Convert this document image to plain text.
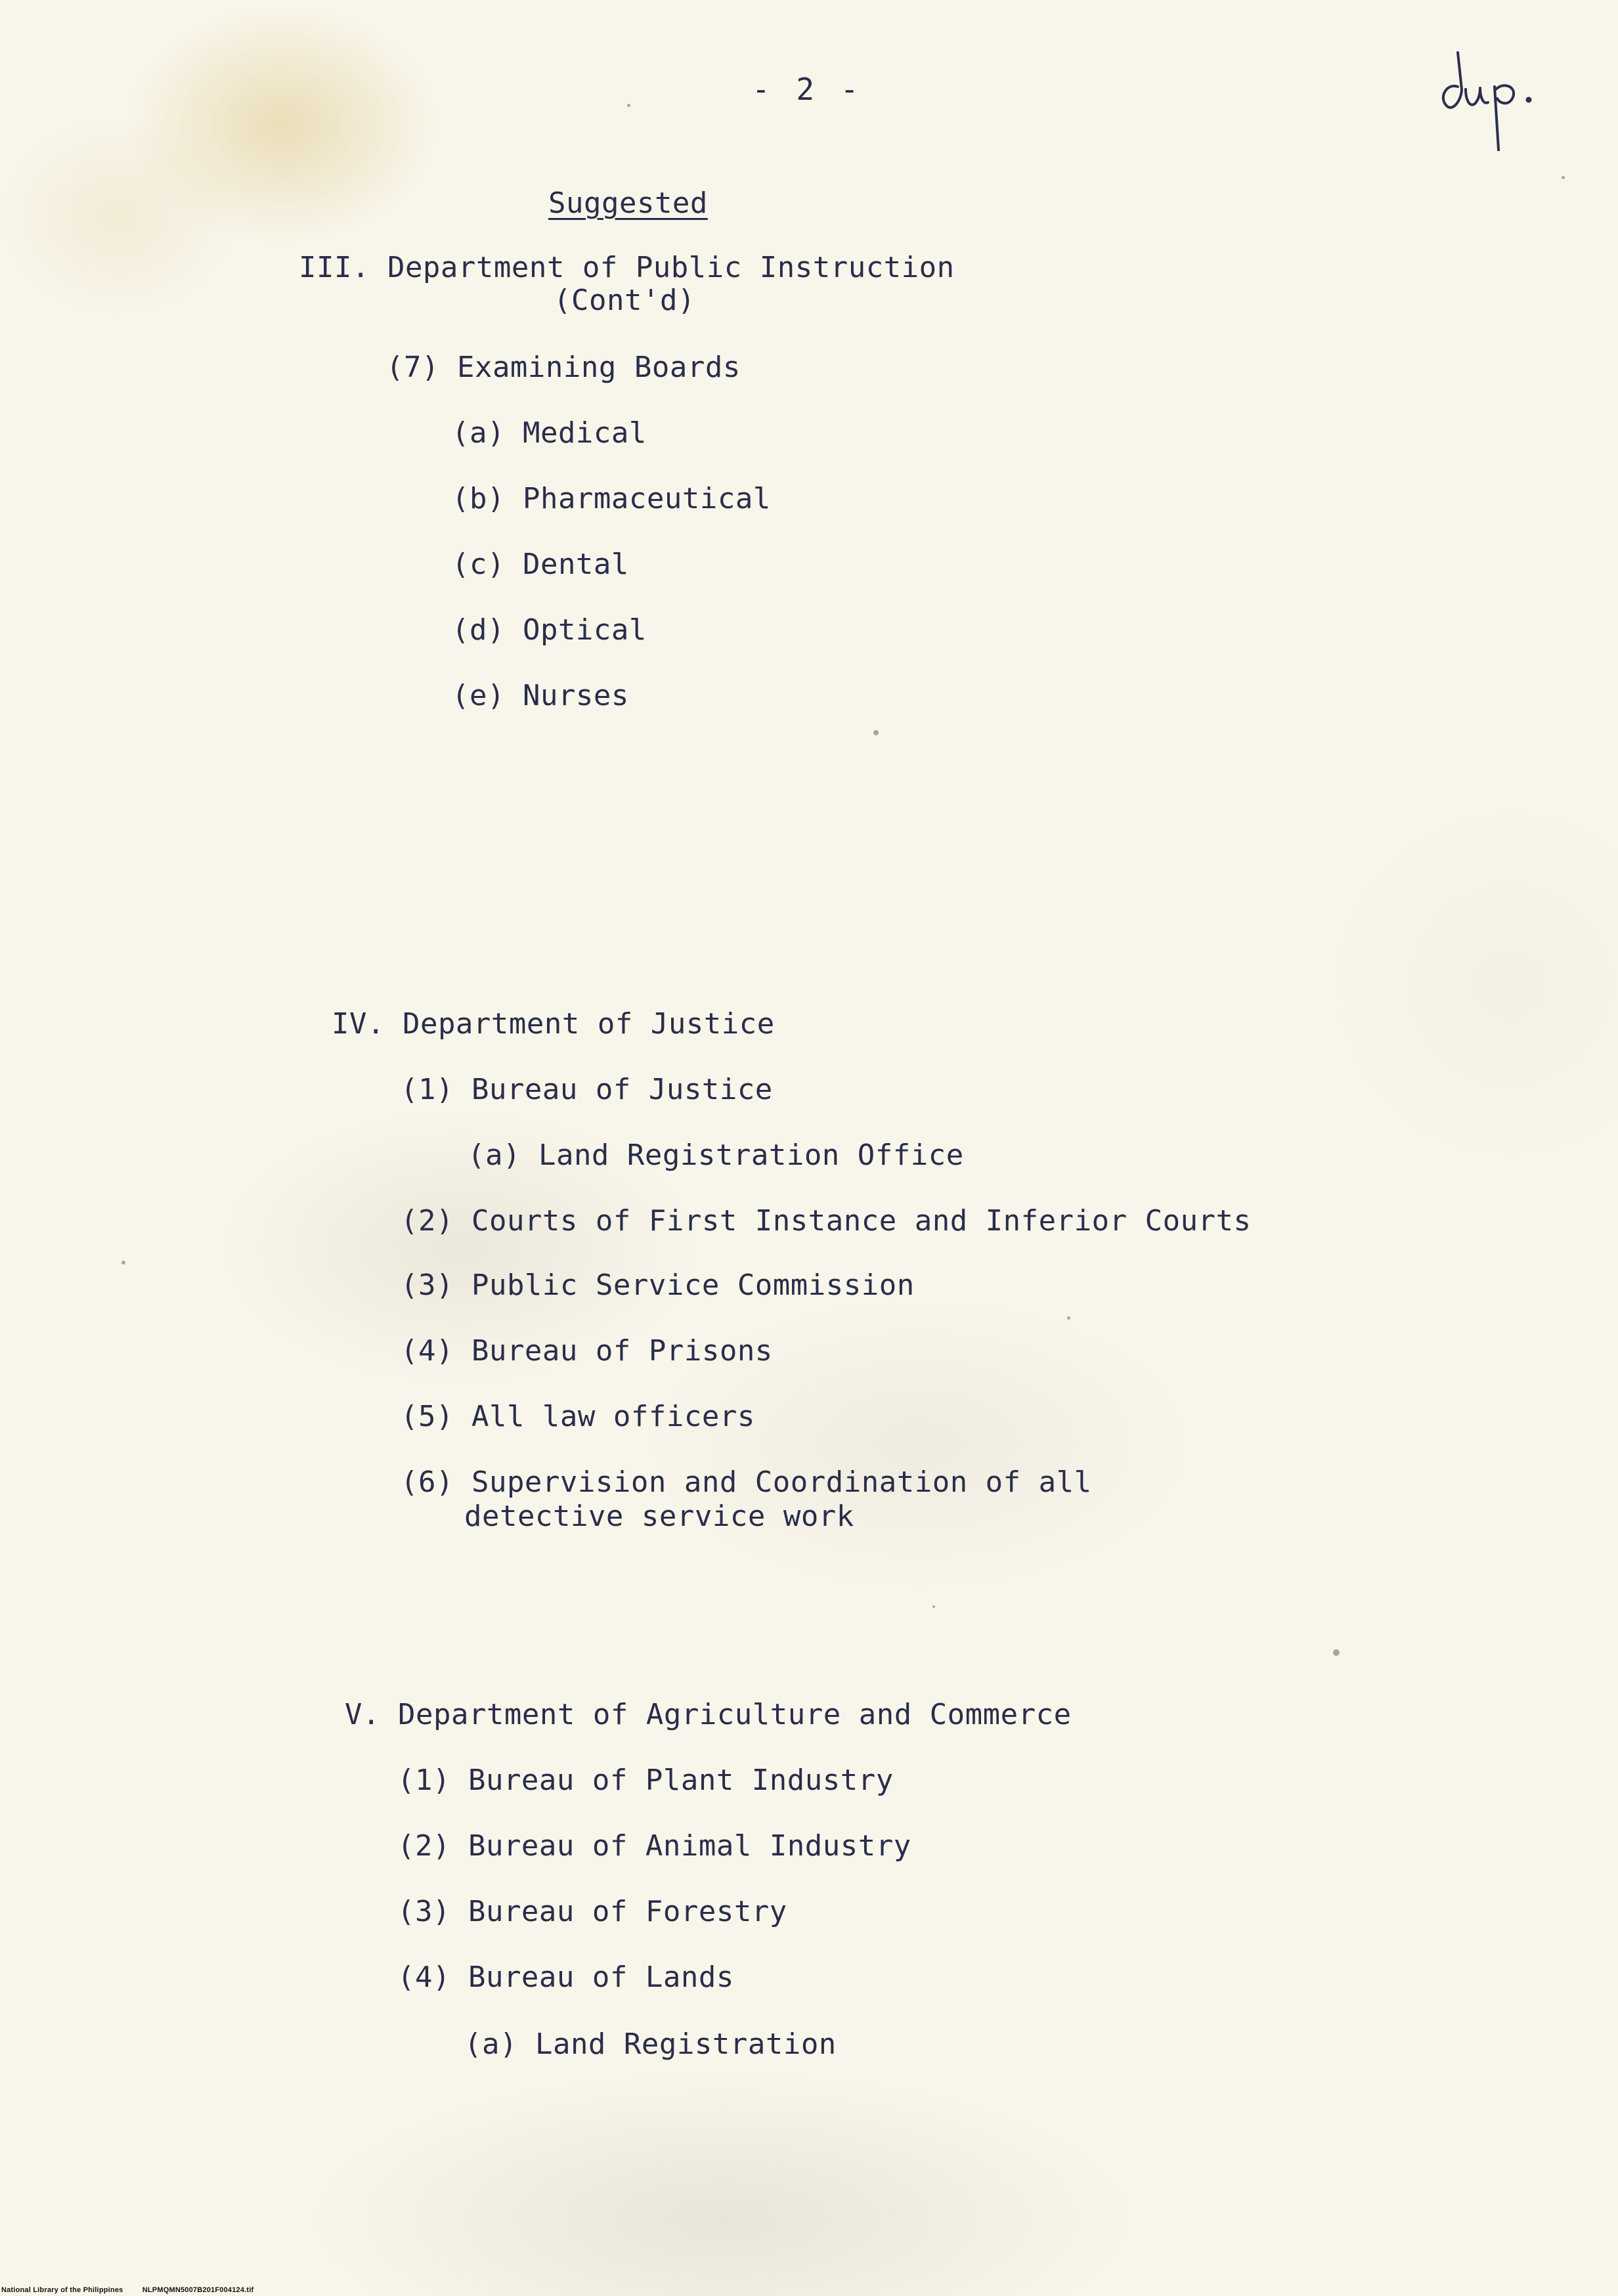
- 2 -
Suggested
III. Department of Public Instruction
(Cont'd)
(7) Examining Boards
(a) Medical
(b) Pharmaceutical
(c) Dental
(d) Optical
(e) Nurses
IV. Department of Justice
(1) Bureau of Justice
(a) Land Registration Office
(2) Courts of First Instance and Inferior Courts
(3) Public Service Commission
(4) Bureau of Prisons
(5) All law officers
(6) Supervision and Coordination of all
detective service work
V. Department of Agriculture and Commerce
(1) Bureau of Plant Industry
(2) Bureau of Animal Industry
(3) Bureau of Forestry
(4) Bureau of Lands
(a) Land Registration
National Library of the Philippines	NLPMQMN5007B201F004124.tif
